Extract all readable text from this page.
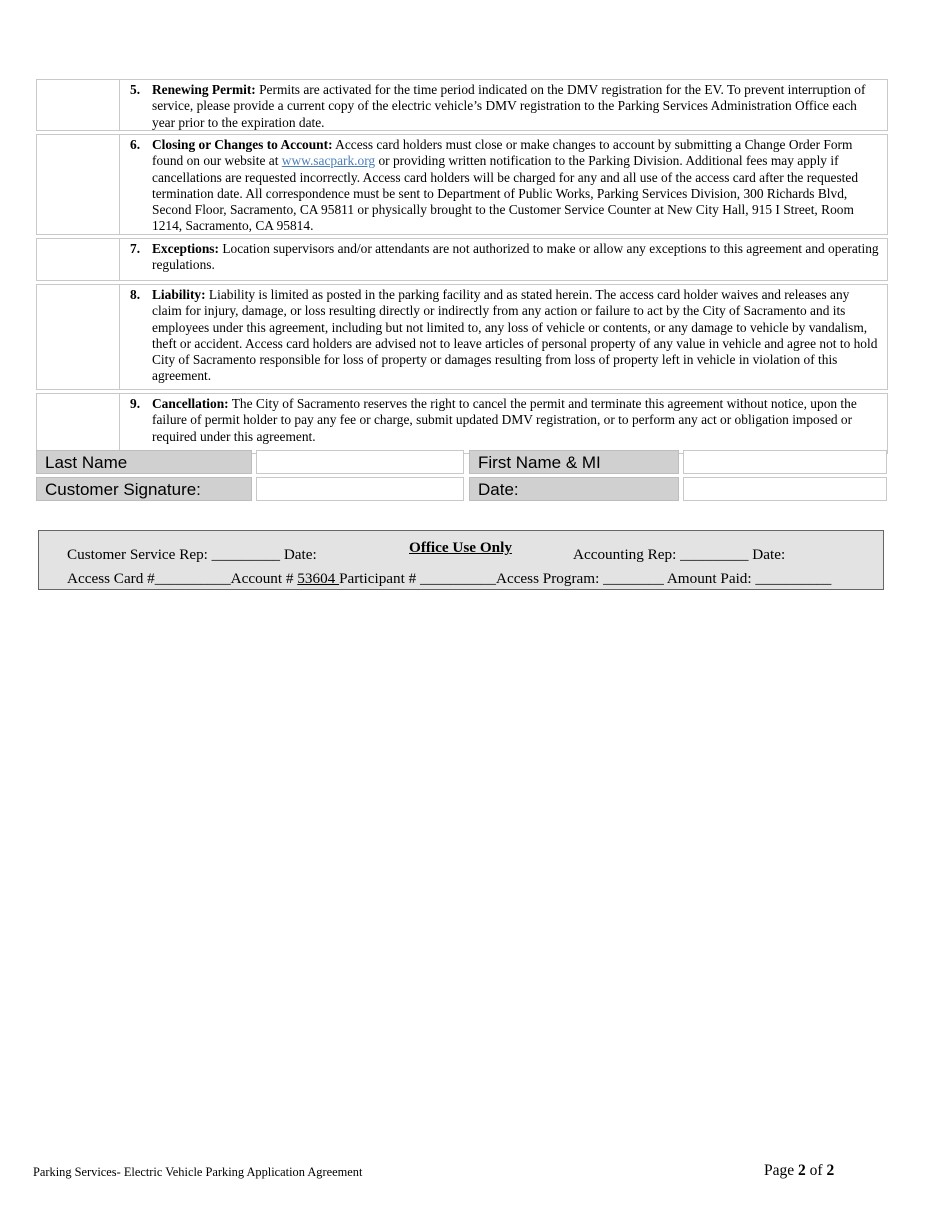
5. Renewing Permit: Permits are activated for the time period indicated on the DMV registration for the EV. To prevent interruption of service, please provide a current copy of the electric vehicle’s DMV registration to the Parking Services Administration Office each year prior to the expiration date.
6. Closing or Changes to Account: Access card holders must close or make changes to account by submitting a Change Order Form found on our website at www.sacpark.org or providing written notification to the Parking Division. Additional fees may apply if cancellations are requested incorrectly. Access card holders will be charged for any and all use of the access card after the requested termination date. All correspondence must be sent to Department of Public Works, Parking Services Division, 300 Richards Blvd, Second Floor, Sacramento, CA 95811 or physically brought to the Customer Service Counter at New City Hall, 915 I Street, Room 1214, Sacramento, CA 95814.
7. Exceptions: Location supervisors and/or attendants are not authorized to make or allow any exceptions to this agreement and operating regulations.
8. Liability: Liability is limited as posted in the parking facility and as stated herein. The access card holder waives and releases any claim for injury, damage, or loss resulting directly or indirectly from any action or failure to act by the City of Sacramento and its employees under this agreement, including but not limited to, any loss of vehicle or contents, or any damage to vehicle by vandalism, theft or accident. Access card holders are advised not to leave articles of personal property of any value in vehicle and agree not to hold City of Sacramento responsible for loss of property or damages resulting from loss of property left in vehicle in violation of this agreement.
9. Cancellation: The City of Sacramento reserves the right to cancel the permit and terminate this agreement without notice, upon the failure of permit holder to pay any fee or charge, submit updated DMV registration, or to perform any act or obligation imposed or required under this agreement.
Last Name	First Name & MI
Customer Signature:	Date:
Office Use Only
Customer Service Rep: _________ Date:	Accounting Rep: _________ Date:
Access Card #__________Account # 53604 Participant # __________Access Program: ________ Amount Paid: __________
Parking Services- Electric Vehicle Parking Application Agreement	Page 2 of 2
